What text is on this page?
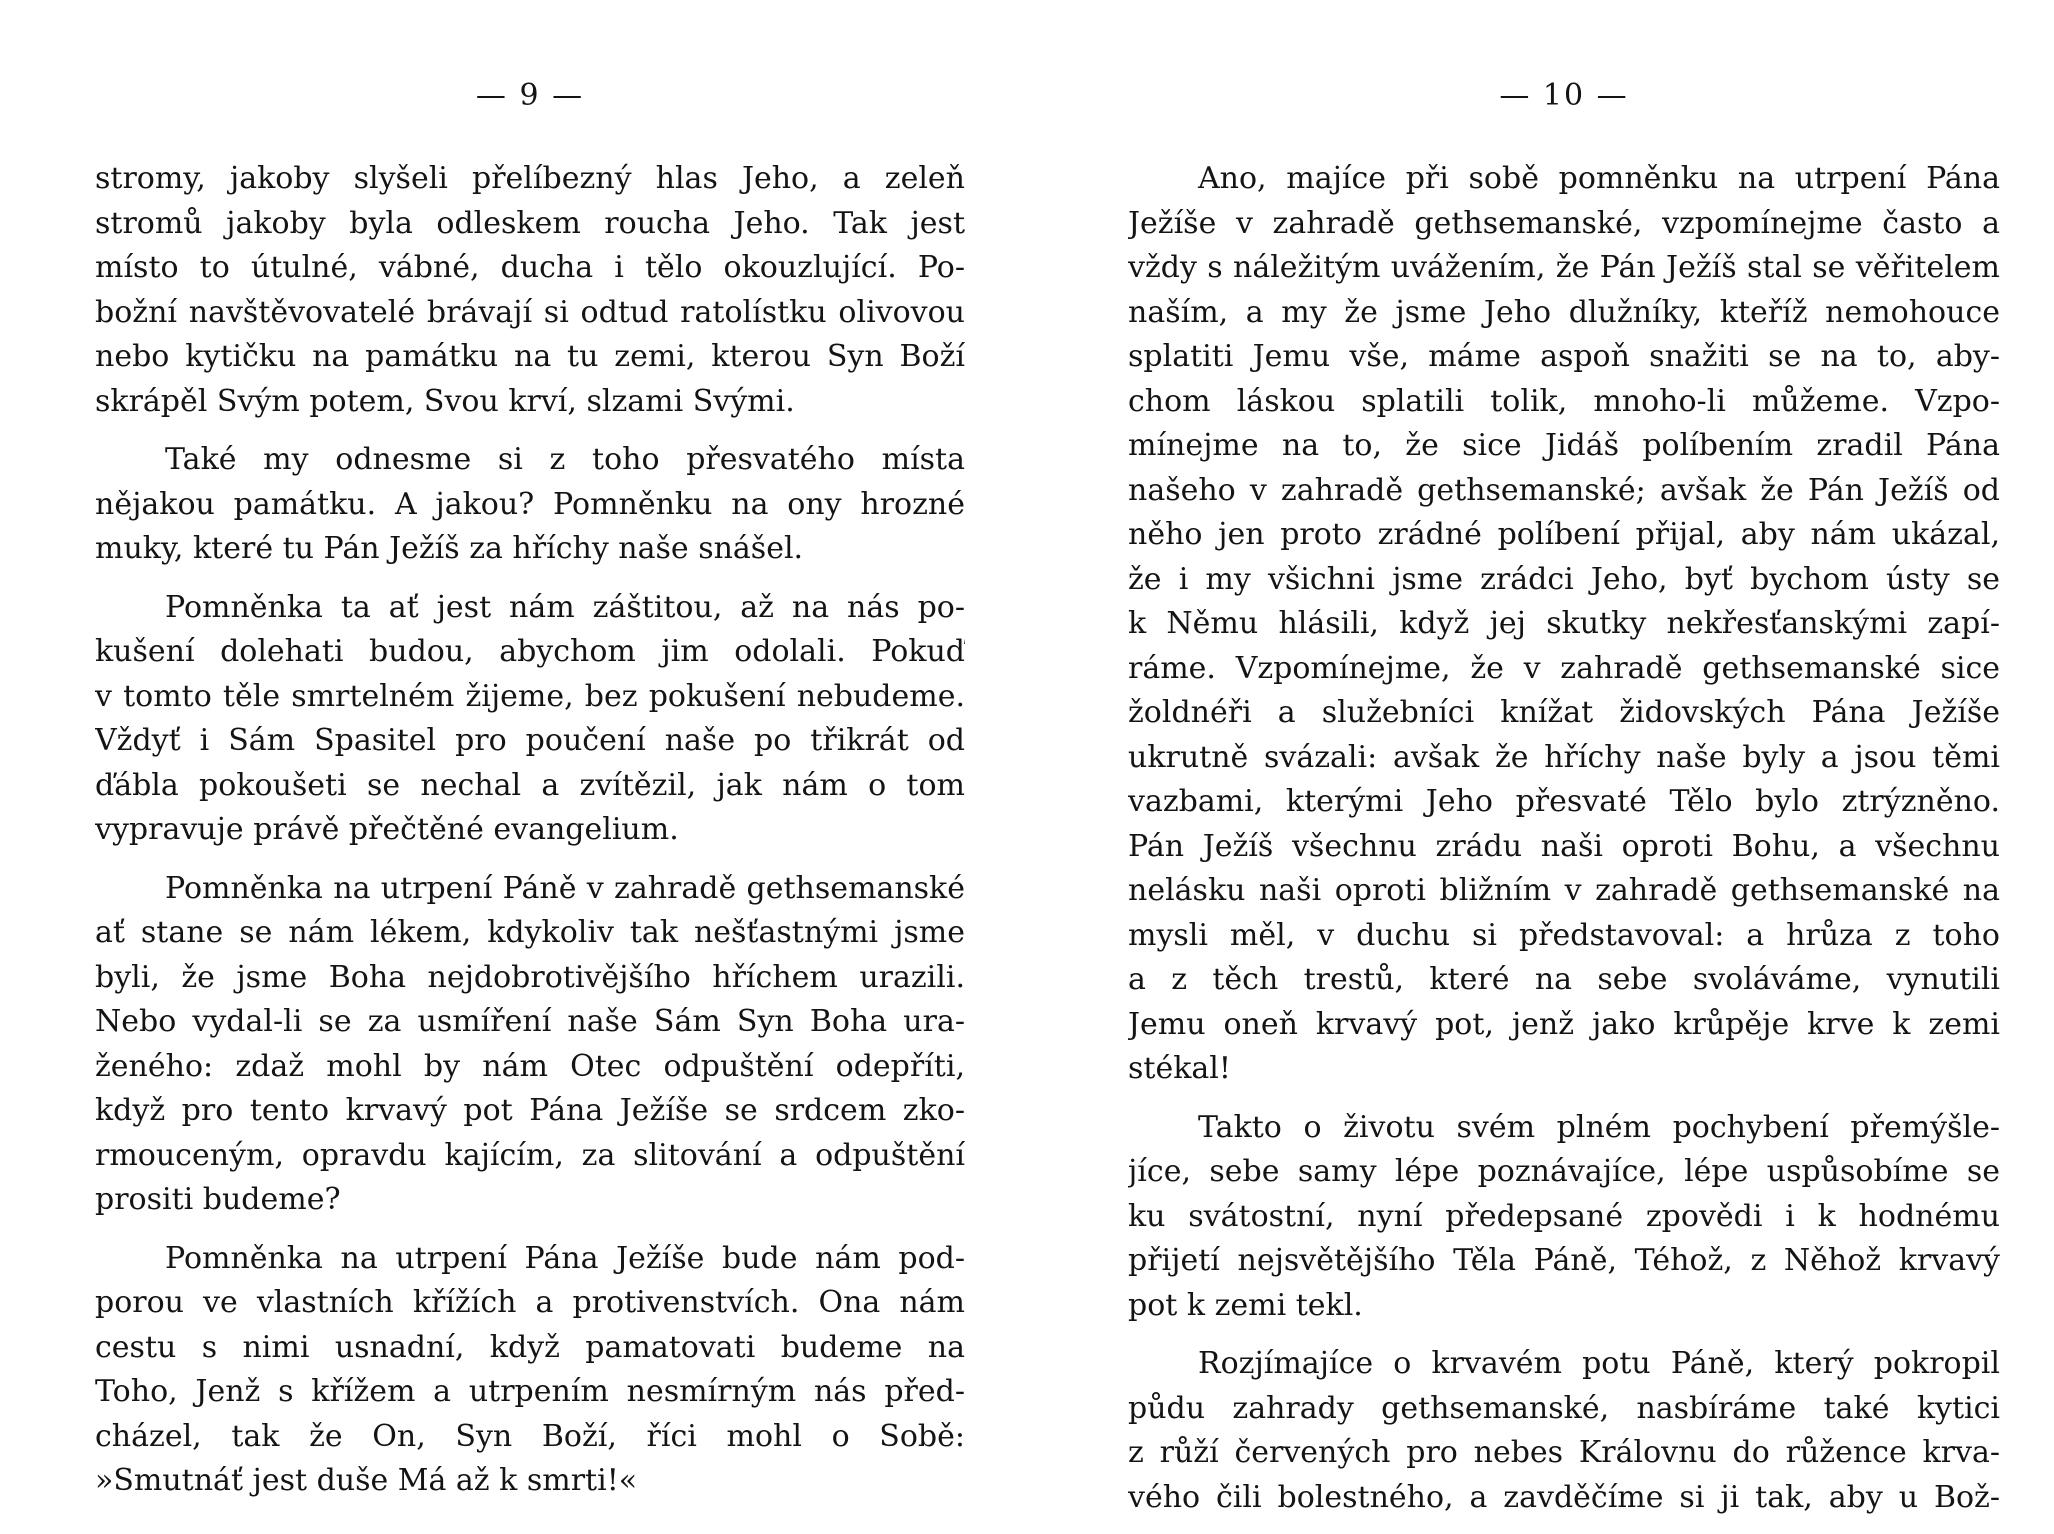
— 9 —
stromy, jakoby slyšeli přelíbezný hlas Jeho, a zeleň
stromů jakoby byla odleskem roucha Jeho. Tak jest
místo to útulné, vábné, ducha i tělo okouzlující. Po-
božní navštěvovatelé brávají si odtud ratolístku olivovou
nebo kytičku na památku na tu zemi, kterou Syn Boží
skrápěl Svým potem, Svou krví, slzami Svými.
Také my odnesme si z toho přesvatého místa
nějakou památku. A jakou? Pomněnku na ony hrozné
muky, které tu Pán Ježíš za hříchy naše snášel.
Pomněnka ta ať jest nám záštitou, až na nás po-
kušení dolehati budou, abychom jim odolali. Pokuď
v tomto těle smrtelném žijeme, bez pokušení nebudeme.
Vždyť i Sám Spasitel pro poučení naše po třikrát od
ďábla pokoušeti se nechal a zvítězil, jak nám o tom
vypravuje právě přečtěné evangelium.
Pomněnka na utrpení Páně v zahradě gethsemanské
ať stane se nám lékem, kdykoliv tak nešťastnými jsme
byli, že jsme Boha nejdobrotivějšího hříchem urazili.
Nebo vydal-li se za usmíření naše Sám Syn Boha ura-
ženého: zdaž mohl by nám Otec odpuštění odepříti,
když pro tento krvavý pot Pána Ježíše se srdcem zko-
rmouceným, opravdu kajícím, za slitování a odpuštění
prositi budeme?
Pomněnka na utrpení Pána Ježíše bude nám pod-
porou ve vlastních křížích a protivenstvích. Ona nám
cestu s nimi usnadní, když pamatovati budeme na
Toho, Jenž s křížem a utrpením nesmírným nás před-
cházel, tak že On, Syn Boží, říci mohl o Sobě:
»Smutnáť jest duše Má až k smrti!«
— 10 —
Ano, majíce při sobě pomněnku na utrpení Pána
Ježíše v zahradě gethsemanské, vzpomínejme často a
vždy s náležitým uvážením, že Pán Ježíš stal se věřitelem
naším, a my že jsme Jeho dlužníky, kteříž nemohouce
splatiti Jemu vše, máme aspoň snažiti se na to, aby-
chom láskou splatili tolik, mnoho-li můžeme. Vzpo-
mínejme na to, že sice Jidáš políbením zradil Pána
našeho v zahradě gethsemanské; avšak že Pán Ježíš od
něho jen proto zrádné políbení přijal, aby nám ukázal,
že i my všichni jsme zrádci Jeho, byť bychom ústy se
k Němu hlásili, když jej skutky nekřesťanskými zapí-
ráme. Vzpomínejme, že v zahradě gethsemanské sice
žoldnéři a služebníci knížat židovských Pána Ježíše
ukrutně svázali: avšak že hříchy naše byly a jsou těmi
vazbami, kterými Jeho přesvaté Tělo bylo ztrýzněno.
Pán Ježíš všechnu zrádu naši oproti Bohu, a všechnu
nelásku naši oproti bližním v zahradě gethsemanské na
mysli měl, v duchu si představoval: a hrůza z toho
a z těch trestů, které na sebe svoláváme, vynutili
Jemu oneň krvavý pot, jenž jako krůpěje krve k zemi
stékal!
Takto o životu svém plném pochybení přemýšle-
jíce, sebe samy lépe poznávajíce, lépe uspůsobíme se
ku svátostní, nyní předepsané zpovědi i k hodnému
přijetí nejsvětějšího Těla Páně, Téhož, z Něhož krvavý
pot k zemi tekl.
Rozjímajíce o krvavém potu Páně, který pokropil
půdu zahrady gethsemanské, nasbíráme také kytici
z růží červených pro nebes Královnu do růžence krva-
vého čili bolestného, a zavděčíme si ji tak, aby u Bož-
